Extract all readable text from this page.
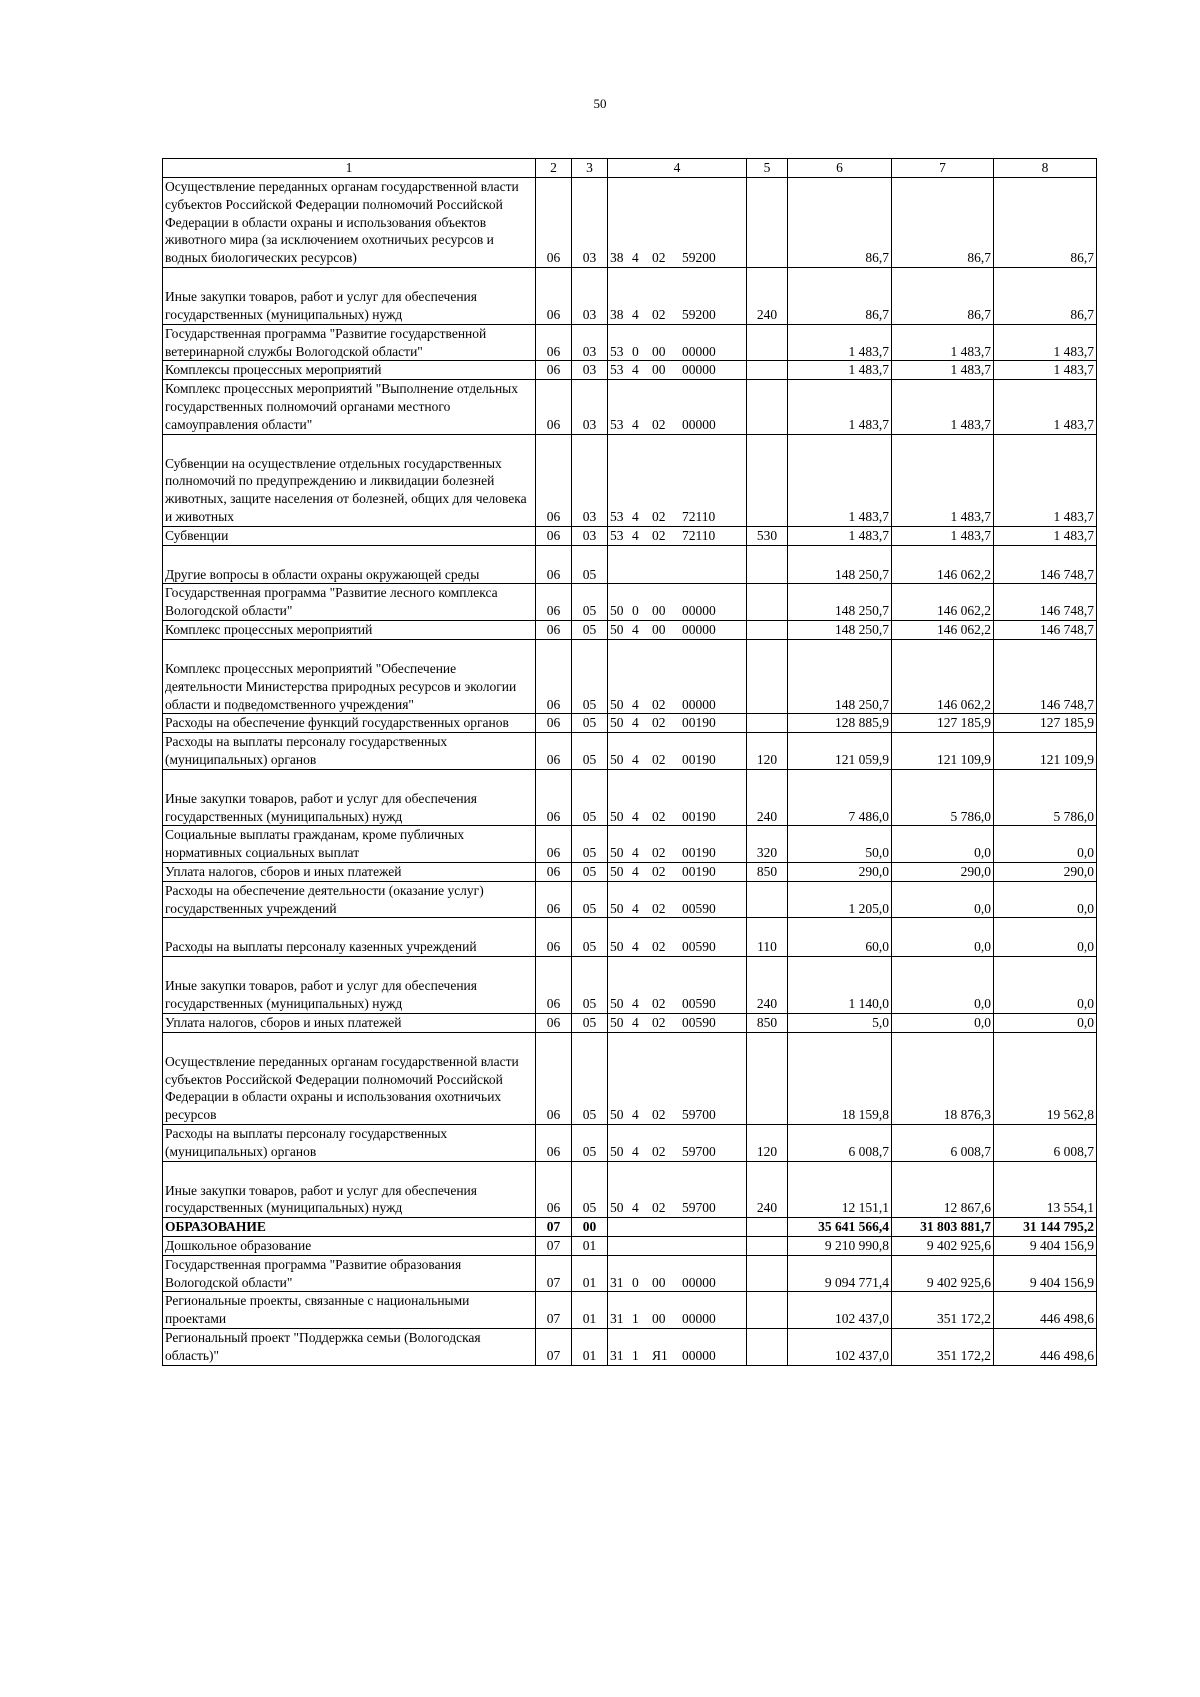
50
1	2	3	4	5	6	7	8
Осуществление переданных органам государственной власти субъектов Российской Федерации полномочий Российской Федерации в области охраны и использования объектов животного мира (за исключением охотничьих ресурсов и водных биологических ресурсов)	06	03	38 4 02 59200		86,7	86,7	86,7
Иные закупки товаров, работ и услуг для обеспечения государственных (муниципальных) нужд	06	03	38 4 02 59200	240	86,7	86,7	86,7
Государственная программа "Развитие государственной ветеринарной службы Вологодской области"	06	03	53 0 00 00000		1 483,7	1 483,7	1 483,7
Комплексы процессных мероприятий	06	03	53 4 00 00000		1 483,7	1 483,7	1 483,7
Комплекс процессных мероприятий "Выполнение отдельных государственных полномочий органами местного самоуправления области"	06	03	53 4 02 00000		1 483,7	1 483,7	1 483,7
Субвенции на осуществление отдельных государственных полномочий по предупреждению и ликвидации болезней животных, защите населения от болезней, общих для человека и животных	06	03	53 4 02 72110		1 483,7	1 483,7	1 483,7
Субвенции	06	03	53 4 02 72110	530	1 483,7	1 483,7	1 483,7
Другие вопросы в области охраны окружающей среды	06	05			148 250,7	146 062,2	146 748,7
Государственная программа "Развитие лесного комплекса Вологодской области"	06	05	50 0 00 00000		148 250,7	146 062,2	146 748,7
Комплекс процессных мероприятий	06	05	50 4 00 00000		148 250,7	146 062,2	146 748,7
Комплекс процессных мероприятий "Обеспечение деятельности Министерства природных ресурсов и экологии области и подведомственного учреждения"	06	05	50 4 02 00000		148 250,7	146 062,2	146 748,7
Расходы на обеспечение функций государственных органов	06	05	50 4 02 00190		128 885,9	127 185,9	127 185,9
Расходы на выплаты персоналу государственных (муниципальных) органов	06	05	50 4 02 00190	120	121 059,9	121 109,9	121 109,9
Иные закупки товаров, работ и услуг для обеспечения государственных (муниципальных) нужд	06	05	50 4 02 00190	240	7 486,0	5 786,0	5 786,0
Социальные выплаты гражданам, кроме публичных нормативных социальных выплат	06	05	50 4 02 00190	320	50,0	0,0	0,0
Уплата налогов, сборов и иных платежей	06	05	50 4 02 00190	850	290,0	290,0	290,0
Расходы на обеспечение деятельности (оказание услуг) государственных учреждений	06	05	50 4 02 00590		1 205,0	0,0	0,0
Расходы на выплаты персоналу казенных учреждений	06	05	50 4 02 00590	110	60,0	0,0	0,0
Иные закупки товаров, работ и услуг для обеспечения государственных (муниципальных) нужд	06	05	50 4 02 00590	240	1 140,0	0,0	0,0
Уплата налогов, сборов и иных платежей	06	05	50 4 02 00590	850	5,0	0,0	0,0
Осуществление переданных органам государственной власти субъектов Российской Федерации полномочий Российской Федерации в области охраны и использования охотничьих ресурсов	06	05	50 4 02 59700		18 159,8	18 876,3	19 562,8
Расходы на выплаты персоналу государственных (муниципальных) органов	06	05	50 4 02 59700	120	6 008,7	6 008,7	6 008,7
Иные закупки товаров, работ и услуг для обеспечения государственных (муниципальных) нужд	06	05	50 4 02 59700	240	12 151,1	12 867,6	13 554,1
ОБРАЗОВАНИЕ	07	00			35 641 566,4	31 803 881,7	31 144 795,2
Дошкольное образование	07	01			9 210 990,8	9 402 925,6	9 404 156,9
Государственная программа "Развитие образования Вологодской области"	07	01	31 0 00 00000		9 094 771,4	9 402 925,6	9 404 156,9
Региональные проекты, связанные с национальными проектами	07	01	31 1 00 00000		102 437,0	351 172,2	446 498,6
Региональный проект "Поддержка семьи (Вологодская область)"	07	01	31 1 Я1 00000		102 437,0	351 172,2	446 498,6
